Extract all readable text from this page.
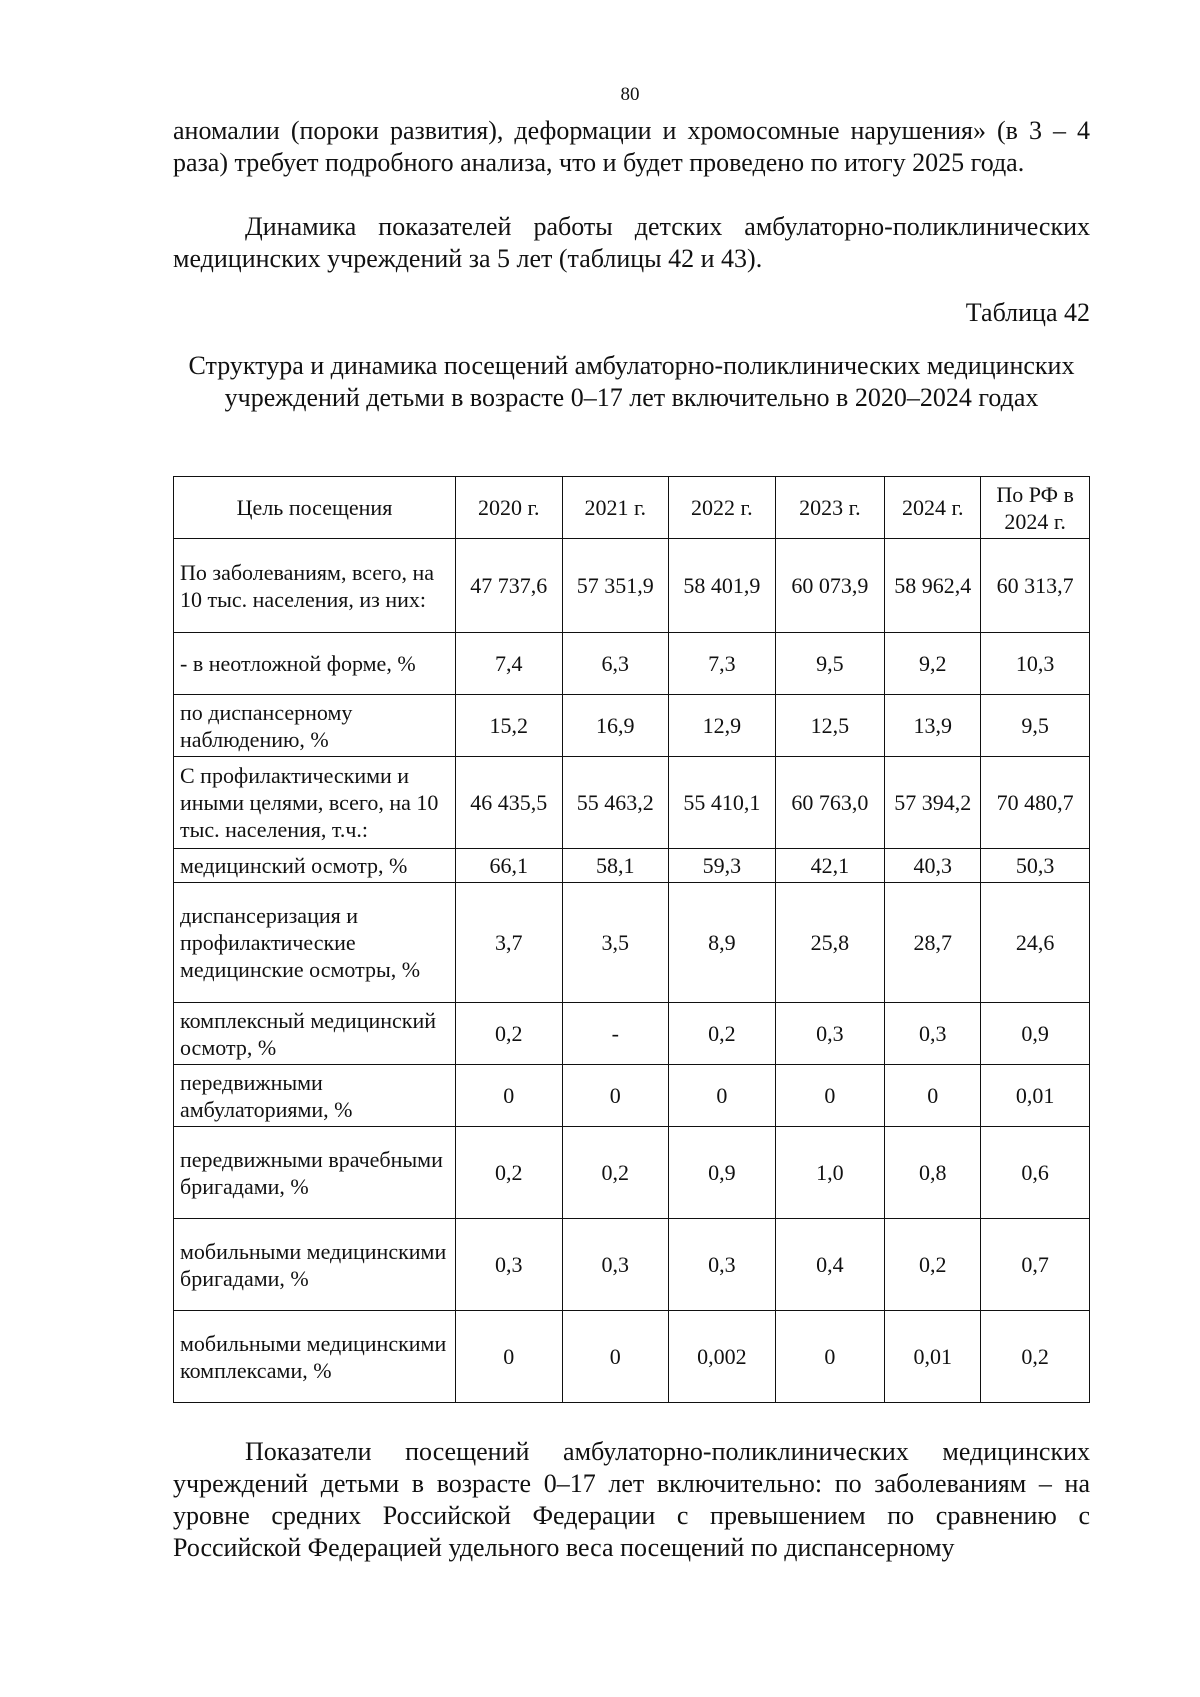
80

аномалии (пороки развития), деформации и хромосомные нарушения» (в 3 – 4 раза) требует подробного анализа, что и будет проведено по итогу 2025 года.

Динамика показателей работы детских амбулаторно-поликлинических медицинских учреждений за 5 лет (таблицы 42 и 43).

Таблица 42
Структура и динамика посещений амбулаторно-поликлинических медицинских учреждений детьми в возрасте 0–17 лет включительно в 2020–2024 годах
Цель посещения	2020 г.	2021 г.	2022 г.	2023 г.	2024 г.	По РФ в 2024 г.
По заболеваниям, всего, на 10 тыс. населения, из них:	47 737,6	57 351,9	58 401,9	60 073,9	58 962,4	60 313,7
- в неотложной форме, %	7,4	6,3	7,3	9,5	9,2	10,3
по диспансерному наблюдению, %	15,2	16,9	12,9	12,5	13,9	9,5
С профилактическими и иными целями, всего, на 10 тыс. населения, т.ч.:	46 435,5	55 463,2	55 410,1	60 763,0	57 394,2	70 480,7
медицинский осмотр, %	66,1	58,1	59,3	42,1	40,3	50,3
диспансеризация и профилактические медицинские осмотры, %	3,7	3,5	8,9	25,8	28,7	24,6
комплексный медицинский осмотр, %	0,2	-	0,2	0,3	0,3	0,9
передвижными амбулаториями, %	0	0	0	0	0	0,01
передвижными врачебными бригадами, %	0,2	0,2	0,9	1,0	0,8	0,6
мобильными медицинскими бригадами, %	0,3	0,3	0,3	0,4	0,2	0,7
мобильными медицинскими комплексами, %	0	0	0,002	0	0,01	0,2

Показатели посещений амбулаторно-поликлинических медицинских учреждений детьми в возрасте 0–17 лет включительно: по заболеваниям – на уровне средних Российской Федерации с превышением по сравнению с Российской Федерацией удельного веса посещений по диспансерному
